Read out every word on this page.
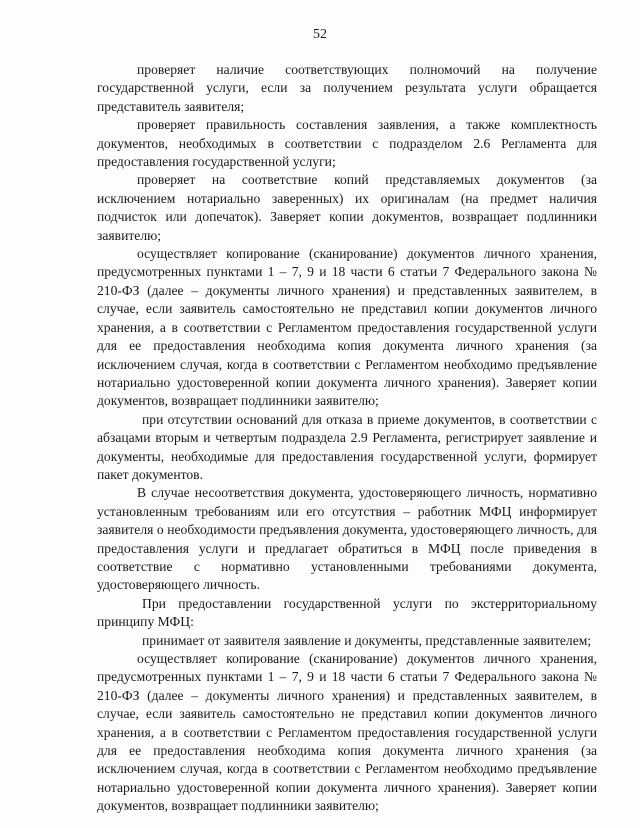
52

проверяет наличие соответствующих полномочий на получение государственной услуги, если за получением результата услуги обращается представитель заявителя;

проверяет правильность составления заявления, а также комплектность документов, необходимых в соответствии с подразделом 2.6 Регламента для предоставления государственной услуги;

проверяет на соответствие копий представляемых документов (за исключением нотариально заверенных) их оригиналам (на предмет наличия подчисток или допечаток). Заверяет копии документов, возвращает подлинники заявителю;

осуществляет копирование (сканирование) документов личного хранения, предусмотренных пунктами 1 – 7, 9 и 18 части 6 статьи 7 Федерального закона № 210-ФЗ (далее – документы личного хранения) и представленных заявителем, в случае, если заявитель самостоятельно не представил копии документов личного хранения, а в соответствии с Регламентом предоставления государственной услуги для ее предоставления необходима копия документа личного хранения (за исключением случая, когда в соответствии с Регламентом необходимо предъявление нотариально удостоверенной копии документа личного хранения). Заверяет копии документов, возвращает подлинники заявителю;

при отсутствии оснований для отказа в приеме документов, в соответствии с абзацами вторым и четвертым подраздела 2.9 Регламента, регистрирует заявление и документы, необходимые для предоставления государственной услуги, формирует пакет документов.

В случае несоответствия документа, удостоверяющего личность, нормативно установленным требованиям или его отсутствия – работник МФЦ информирует заявителя о необходимости предъявления документа, удостоверяющего личность, для предоставления услуги и предлагает обратиться в МФЦ после приведения в соответствие с нормативно установленными требованиями документа, удостоверяющего личность.

При предоставлении государственной услуги по экстерриториальному принципу МФЦ:

принимает от заявителя заявление и документы, представленные заявителем;

осуществляет копирование (сканирование) документов личного хранения, предусмотренных пунктами 1 – 7, 9 и 18 части 6 статьи 7 Федерального закона № 210-ФЗ (далее – документы личного хранения) и представленных заявителем, в случае, если заявитель самостоятельно не представил копии документов личного хранения, а в соответствии с Регламентом предоставления государственной услуги для ее предоставления необходима копия документа личного хранения (за исключением случая, когда в соответствии с Регламентом необходимо предъявление нотариально удостоверенной копии документа личного хранения). Заверяет копии документов, возвращает подлинники заявителю;
